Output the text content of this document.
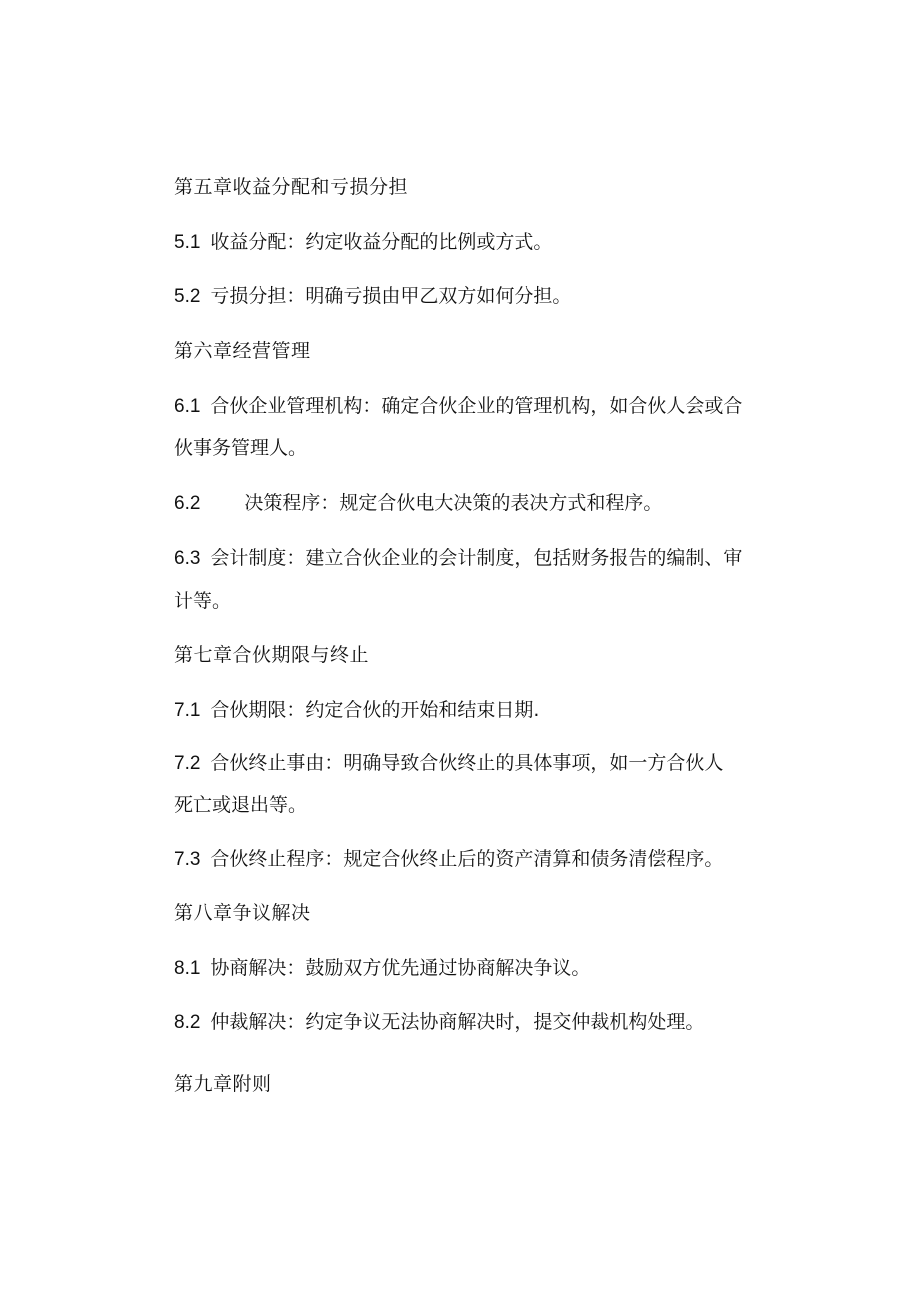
第五章收益分配和亏损分担
5.1 收益分配：约定收益分配的比例或方式。
5.2 亏损分担：明确亏损由甲乙双方如何分担。
第六章经营管理
6.1 合伙企业管理机构：确定合伙企业的管理机构，如合伙人会或合
伙事务管理人。
6.2 决策程序：规定合伙电大决策的表决方式和程序。
6.3 会计制度：建立合伙企业的会计制度，包括财务报告的编制、审
计等。
第七章合伙期限与终止
7.1 合伙期限：约定合伙的开始和结束日期.
7.2 合伙终止事由：明确导致合伙终止的具体事项，如一方合伙人
死亡或退出等。
7.3 合伙终止程序：规定合伙终止后的资产清算和债务清偿程序。
第八章争议解决
8.1 协商解决：鼓励双方优先通过协商解决争议。
8.2 仲裁解决：约定争议无法协商解决时，提交仲裁机构处理。
第九章附则
